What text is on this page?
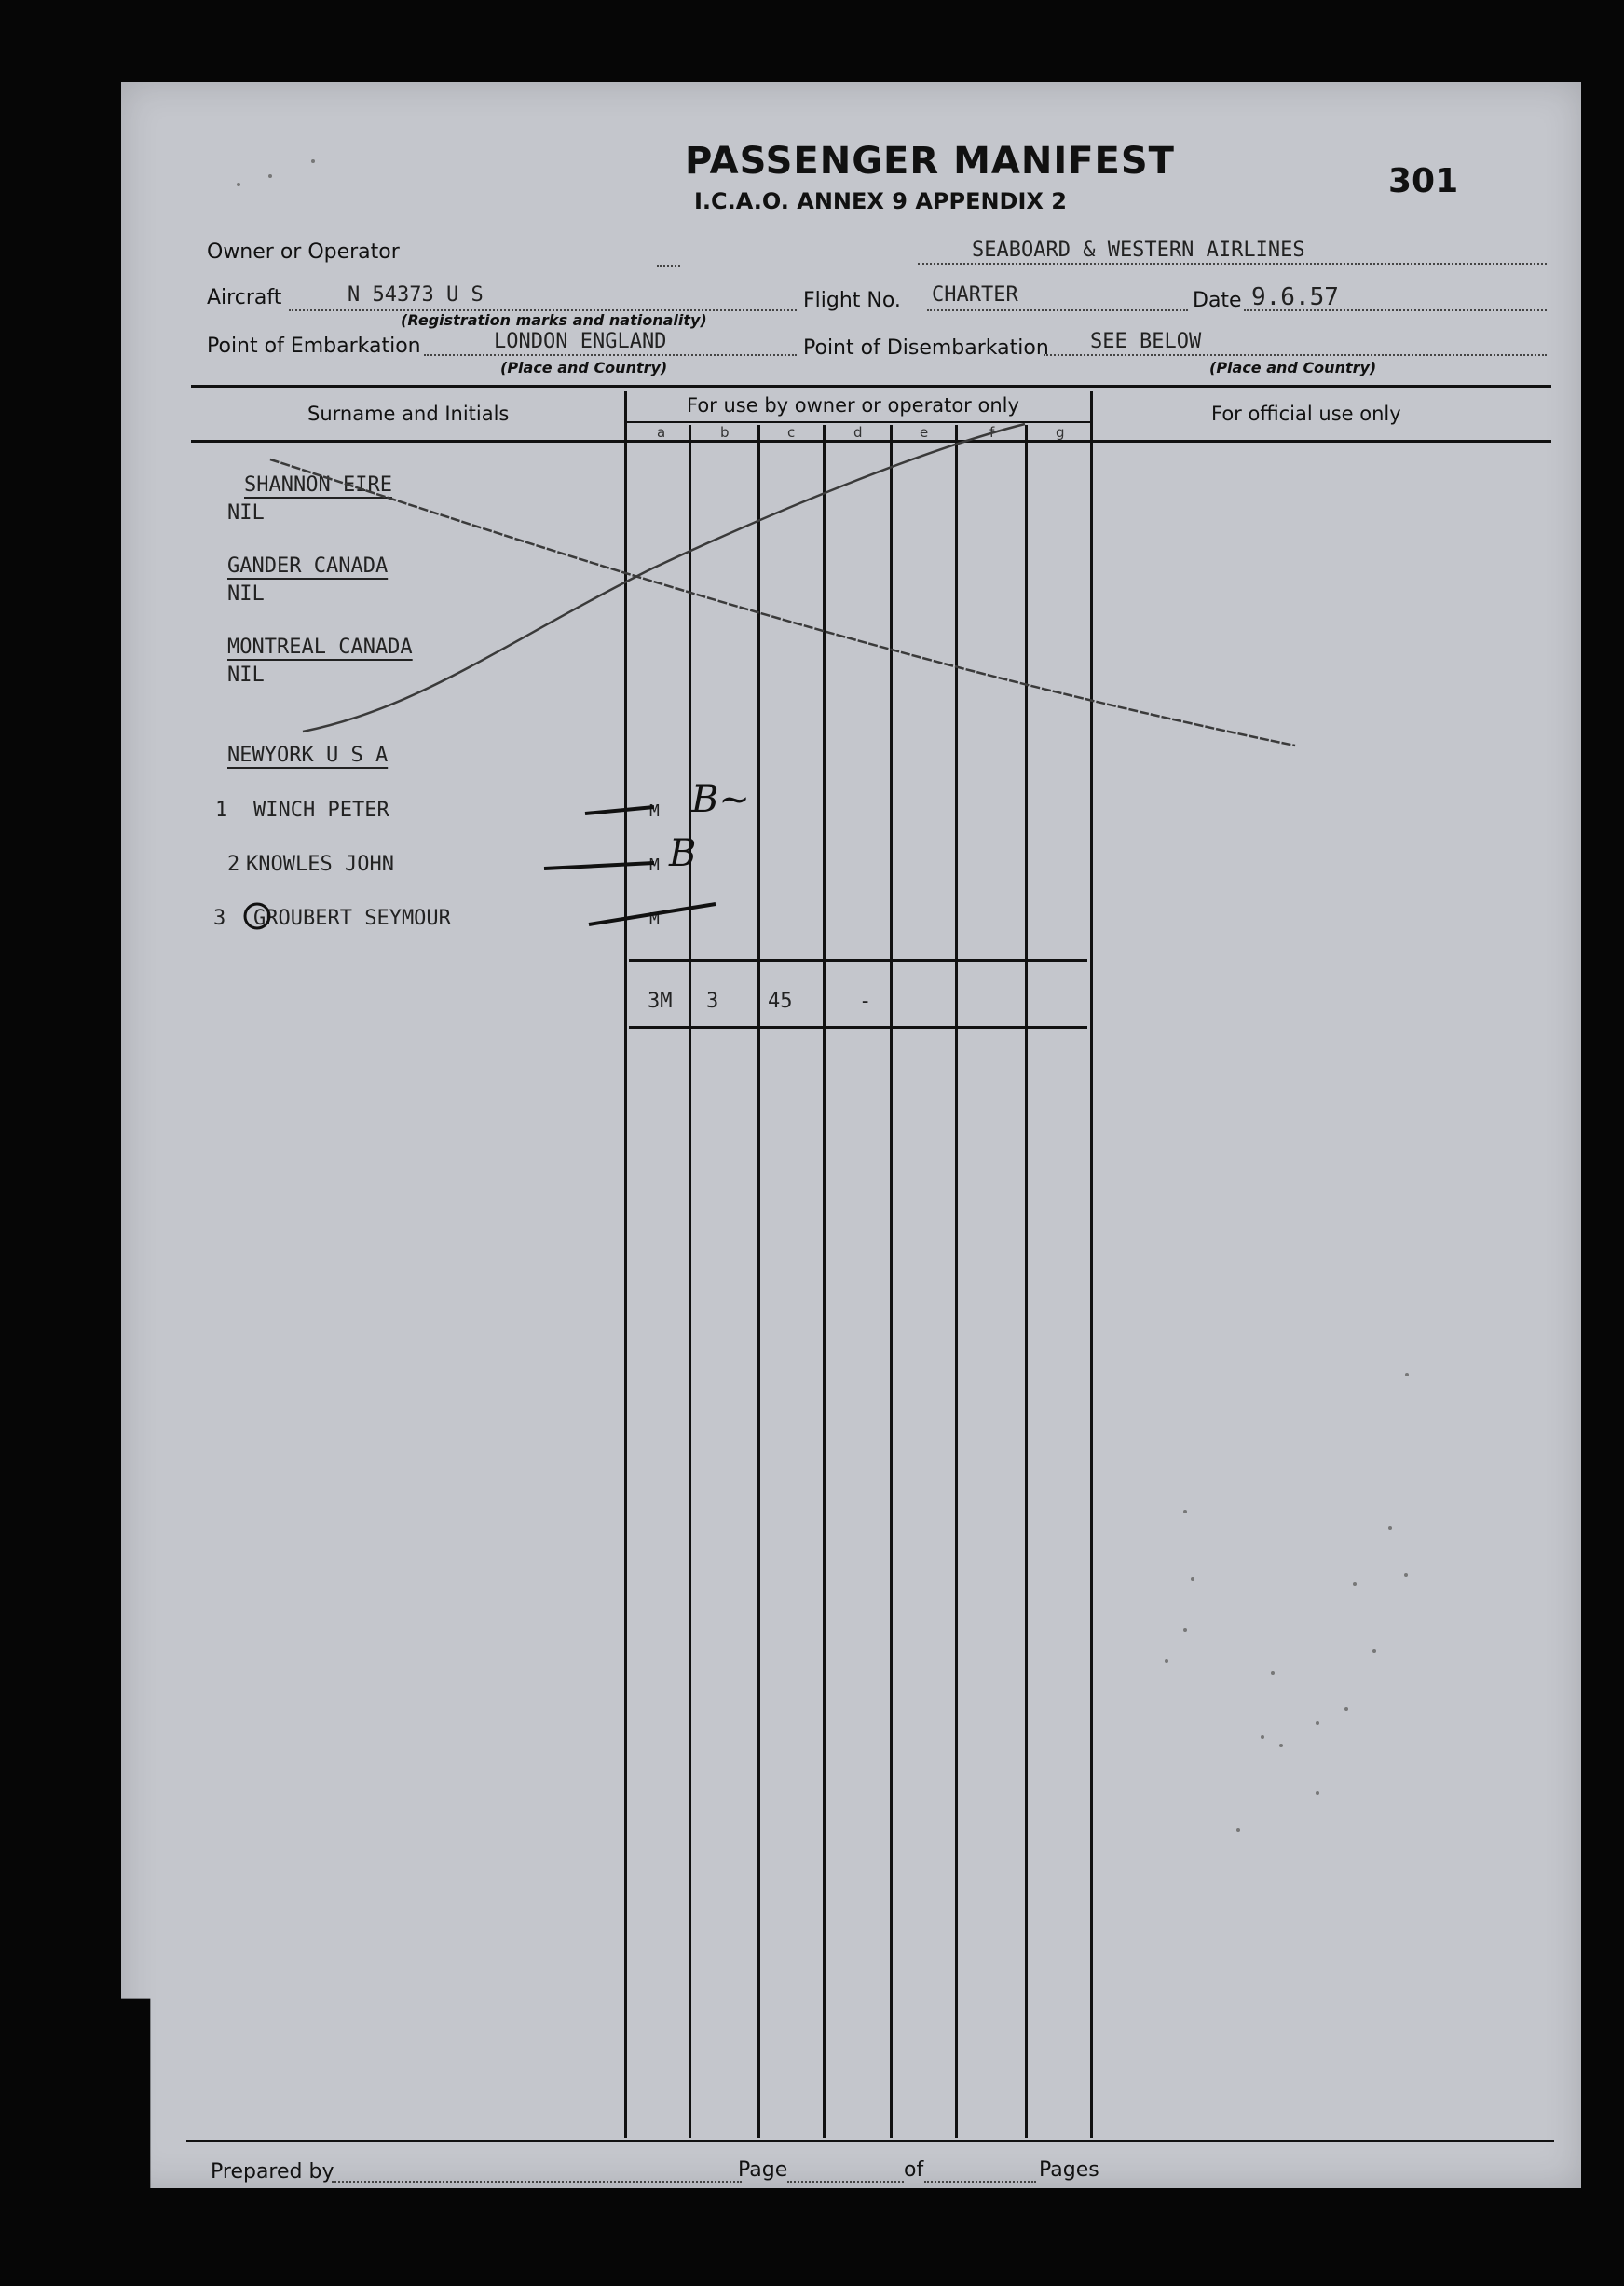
PASSENGER MANIFEST
I.C.A.O. ANNEX 9 APPENDIX 2
301
Owner or Operator	SEABOARD & WESTERN AIRLINES
Aircraft	N 54373 U S
(Registration marks and nationality)
Flight No. CHARTER	Date 9.6.57
Point of Embarkation	LONDON ENGLAND
(Place and Country)
Point of Disembarkation SEE BELOW
(Place and Country)
Surname and Initials	For use by owner or operator only	For official use only
a	b	c	d	e	f	g
SHANNON EIRE
NIL
GANDER CANADA
NIL
MONTREAL CANADA
NIL
NEWYORK U S A
1 WINCH PETER	M B~
2 KNOWLES JOHN	M B
3 GROUBERT SEYMOUR	M
3M 3 45	-
Prepared by	Page	of	Pages
